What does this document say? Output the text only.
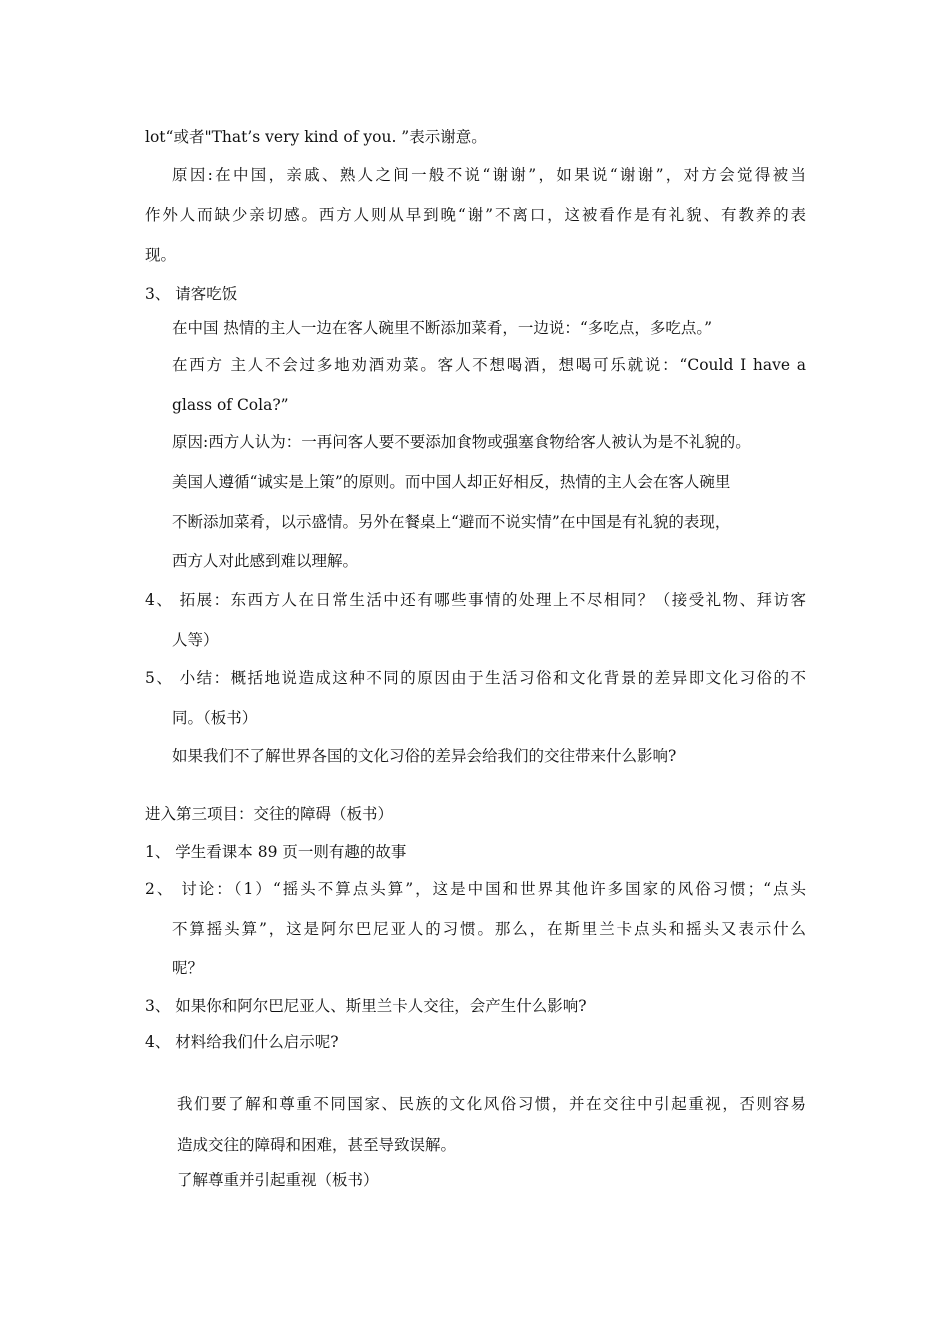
lot“或者"That’s very kind of you. ”表示谢意。
原因:在中国，亲戚、熟人之间一般不说“谢谢”，如果说“谢谢”，对方会觉得被当
作外人而缺少亲切感。西方人则从早到晚“谢”不离口，这被看作是有礼貌、有教养的表
现。
3、 请客吃饭
在中国 热情的主人一边在客人碗里不断添加菜肴，一边说：“多吃点，多吃点。”
在西方 主人不会过多地劝酒劝菜。客人不想喝酒，想喝可乐就说：“Could I have a
glass of Cola?”
原因:西方人认为：一再问客人要不要添加食物或强塞食物给客人被认为是不礼貌的。
美国人遵循“诚实是上策”的原则。而中国人却正好相反，热情的主人会在客人碗里
不断添加菜肴，以示盛情。另外在餐桌上“避而不说实情”在中国是有礼貌的表现，
西方人对此感到难以理解。
4、 拓展：东西方人在日常生活中还有哪些事情的处理上不尽相同？（接受礼物、拜访客
人等）
5、 小结：概括地说造成这种不同的原因由于生活习俗和文化背景的差异即文化习俗的不
同。（板书）
如果我们不了解世界各国的文化习俗的差异会给我们的交往带来什么影响?
进入第三项目：交往的障碍（板书）
1、 学生看课本 89 页一则有趣的故事
2、 讨论：（1）“摇头不算点头算”，这是中国和世界其他许多国家的风俗习惯；“点头
不算摇头算”，这是阿尔巴尼亚人的习惯。那么，在斯里兰卡点头和摇头又表示什么
呢？
3、 如果你和阿尔巴尼亚人、斯里兰卡人交往，会产生什么影响?
4、 材料给我们什么启示呢?
我们要了解和尊重不同国家、民族的文化风俗习惯，并在交往中引起重视，否则容易
造成交往的障碍和困难，甚至导致误解。
了解尊重并引起重视（板书）
